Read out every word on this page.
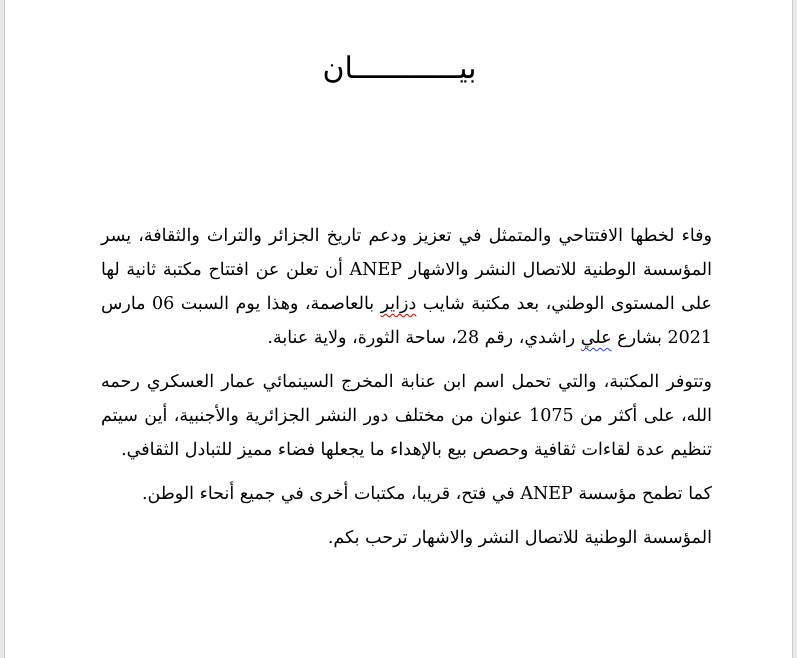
بيــــــــــــان

وفاء لخطها الافتتاحي والمتمثل في تعزيز ودعم تاريخ الجزائر والتراث والثقافة، يسر المؤسسة الوطنية للاتصال النشر والاشهار ANEP أن تعلن عن افتتاح مكتبة ثانية لها على المستوى الوطني، بعد مكتبة شايب دزاير بالعاصمة، وهذا يوم السبت 06 مارس 2021 بشارع علي راشدي، رقم 28، ساحة الثورة، ولاية عنابة.

وتتوفر المكتبة، والتي تحمل اسم ابن عنابة المخرج السينمائي عمار العسكري رحمه الله، على أكثر من 1075 عنوان من مختلف دور النشر الجزائرية والأجنبية، أين سيتم تنظيم عدة لقاءات ثقافية وحصص بيع بالإهداء ما يجعلها فضاء مميز للتبادل الثقافي.

كما تطمح مؤسسة ANEP في فتح، قريبا، مكتبات أخرى في جميع أنحاء الوطن.

المؤسسة الوطنية للاتصال النشر والاشهار ترحب بكم.
